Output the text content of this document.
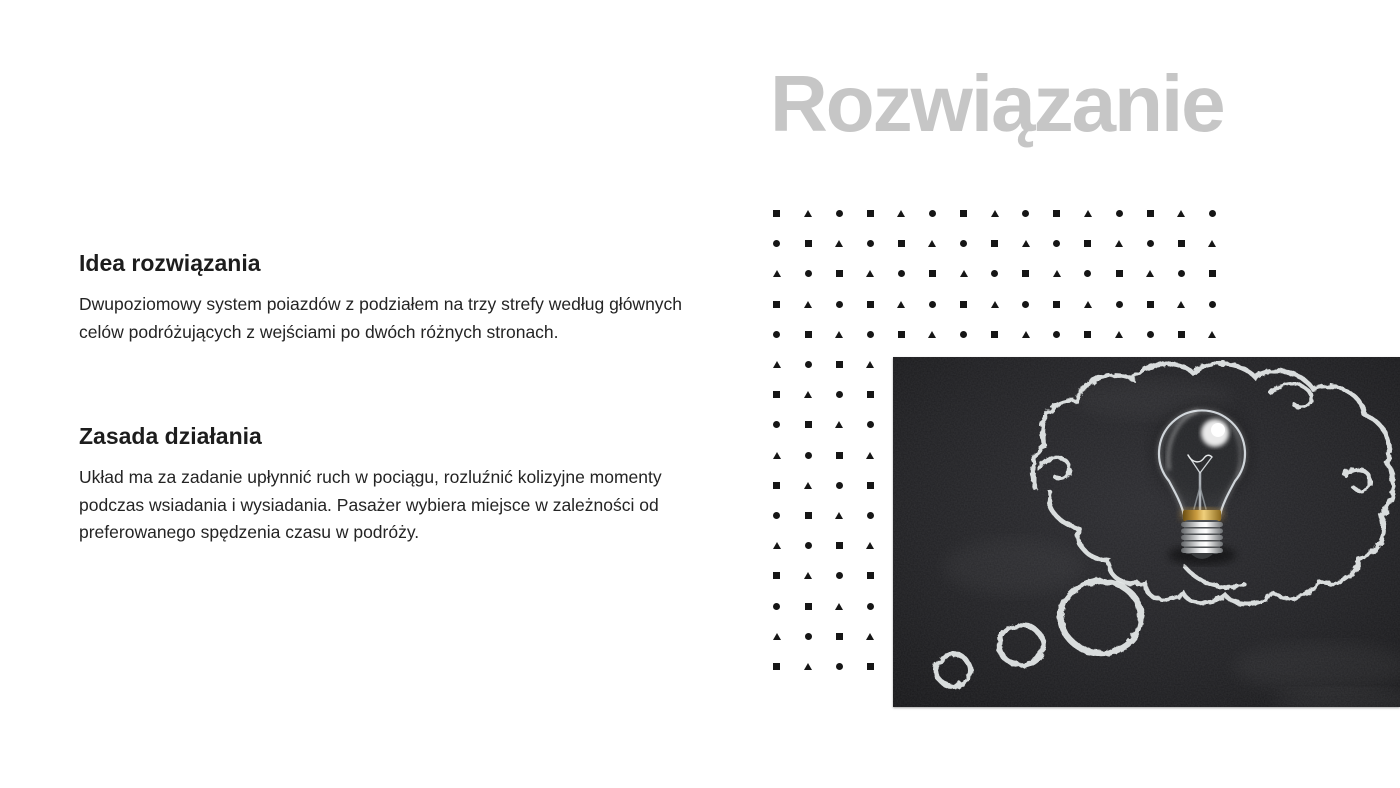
Rozwiązanie
Idea rozwiązania

Dwupoziomowy system poiazdów z podziałem na trzy strefy według głównych celów podróżujących z wejściami po dwóch różnych stronach.

Zasada działania

Układ ma za zadanie upłynnić ruch w pociągu, rozluźnić kolizyjne momenty podczas wsiadania i wysiadania. Pasażer wybiera miejsce w zależności od preferowanego spędzenia czasu w podróży.
